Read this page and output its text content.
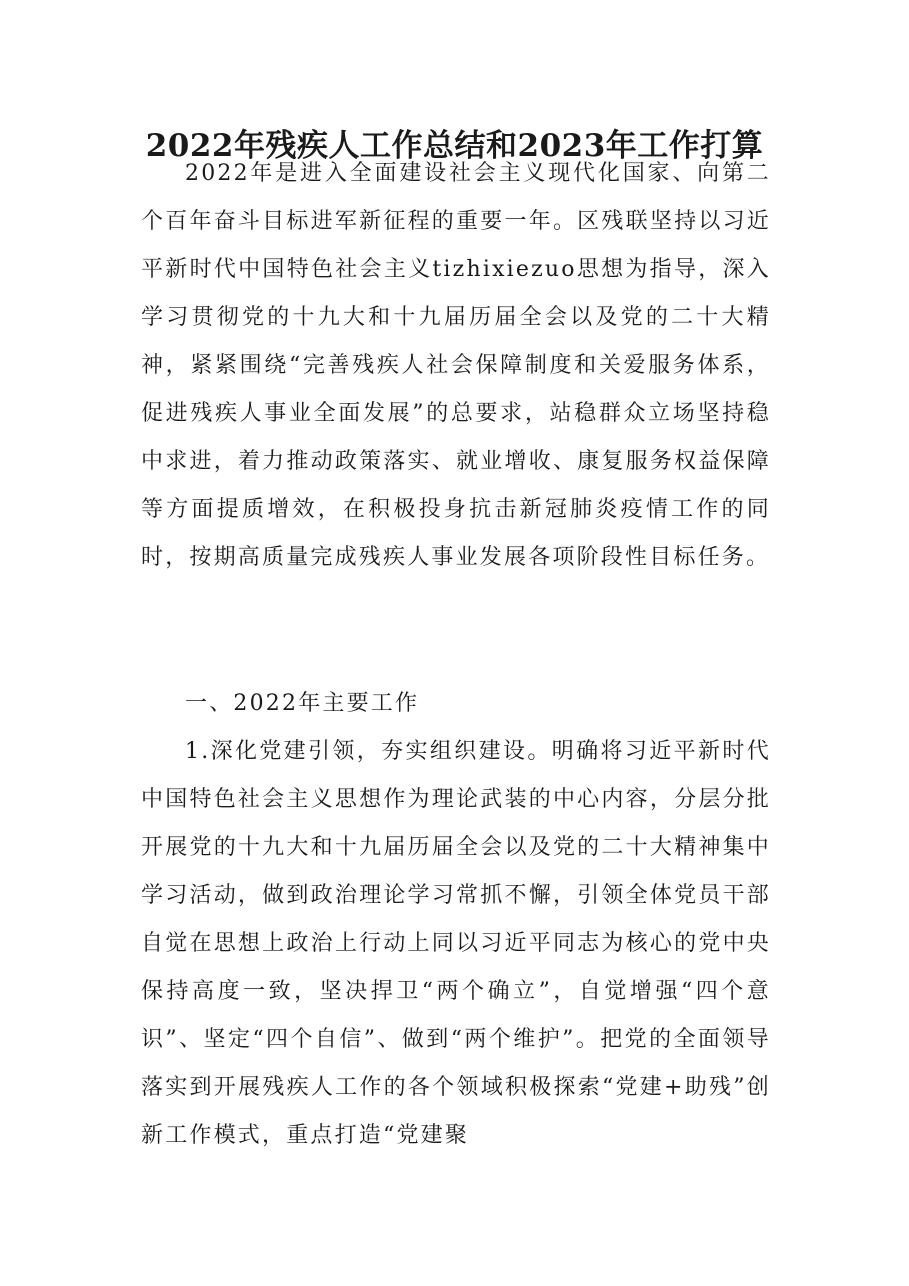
2022年残疾人工作总结和2023年工作打算

2022年是进入全面建设社会主义现代化国家、向第二个百年奋斗目标进军新征程的重要一年。区残联坚持以习近平新时代中国特色社会主义tizhixiezuo思想为指导，深入学习贯彻党的十九大和十九届历届全会以及党的二十大精神，紧紧围绕“完善残疾人社会保障制度和关爱服务体系，促进残疾人事业全面发展”的总要求，站稳群众立场坚持稳中求进，着力推动政策落实、就业增收、康复服务权益保障等方面提质增效，在积极投身抗击新冠肺炎疫情工作的同时，按期高质量完成残疾人事业发展各项阶段性目标任务。

一、2022年主要工作

1.深化党建引领，夯实组织建设。明确将习近平新时代中国特色社会主义思想作为理论武装的中心内容，分层分批开展党的十九大和十九届历届全会以及党的二十大精神集中学习活动，做到政治理论学习常抓不懈，引领全体党员干部自觉在思想上政治上行动上同以习近平同志为核心的党中央保持高度一致，坚决捍卫“两个确立”，自觉增强“四个意识”、坚定“四个自信”、做到“两个维护”。把党的全面领导落实到开展残疾人工作的各个领域积极探索“党建+助残”创新工作模式，重点打造“党建聚
